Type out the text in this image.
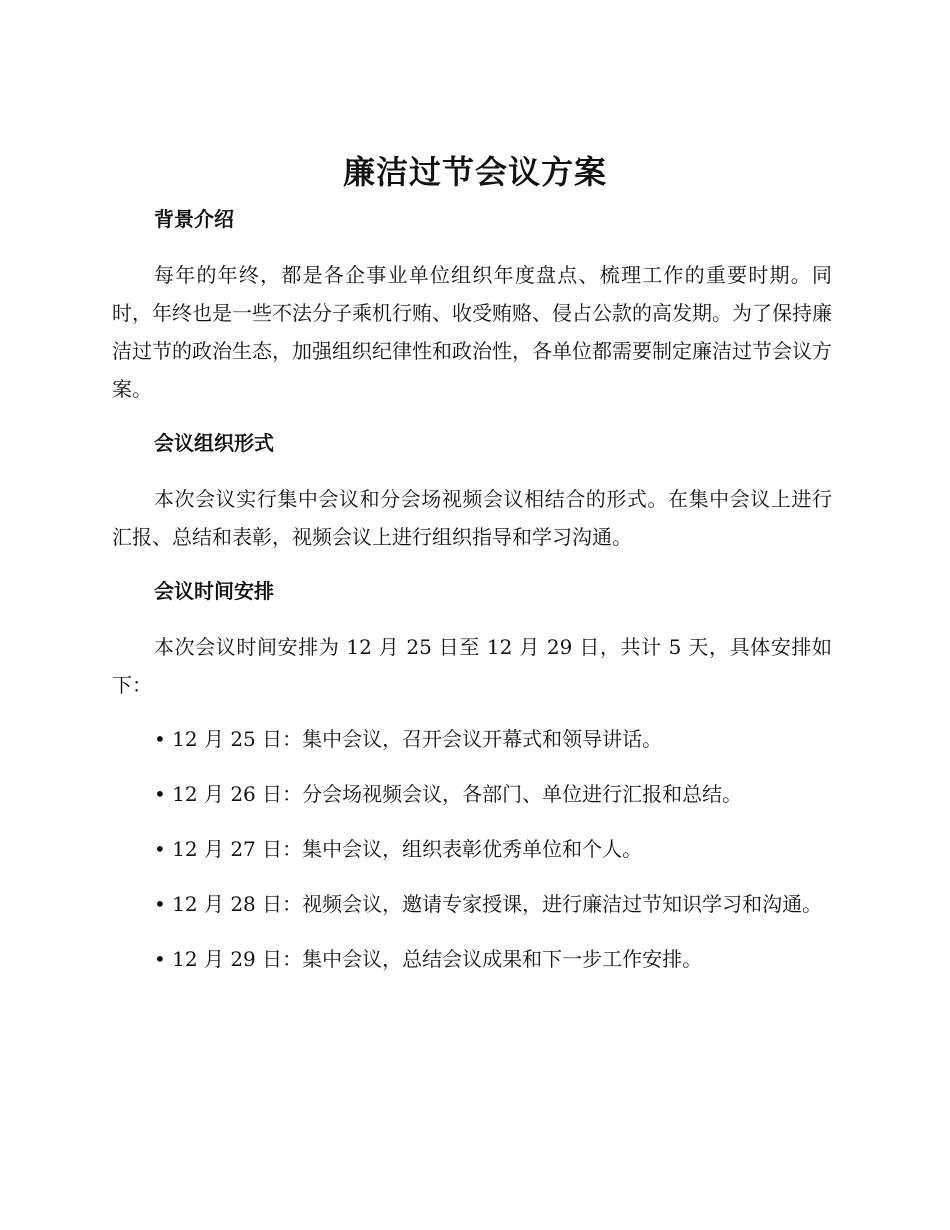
廉洁过节会议方案
背景介绍

每年的年终，都是各企事业单位组织年度盘点、梳理工作的重要时期。同时，年终也是一些不法分子乘机行贿、收受贿赂、侵占公款的高发期。为了保持廉洁过节的政治生态，加强组织纪律性和政治性，各单位都需要制定廉洁过节会议方案。

会议组织形式

本次会议实行集中会议和分会场视频会议相结合的形式。在集中会议上进行汇报、总结和表彰，视频会议上进行组织指导和学习沟通。

会议时间安排

本次会议时间安排为 12 月 25 日至 12 月 29 日，共计 5 天，具体安排如下：

• 12 月 25 日：集中会议，召开会议开幕式和领导讲话。
• 12 月 26 日：分会场视频会议，各部门、单位进行汇报和总结。
• 12 月 27 日：集中会议，组织表彰优秀单位和个人。
• 12 月 28 日：视频会议，邀请专家授课，进行廉洁过节知识学习和沟通。
• 12 月 29 日：集中会议，总结会议成果和下一步工作安排。
